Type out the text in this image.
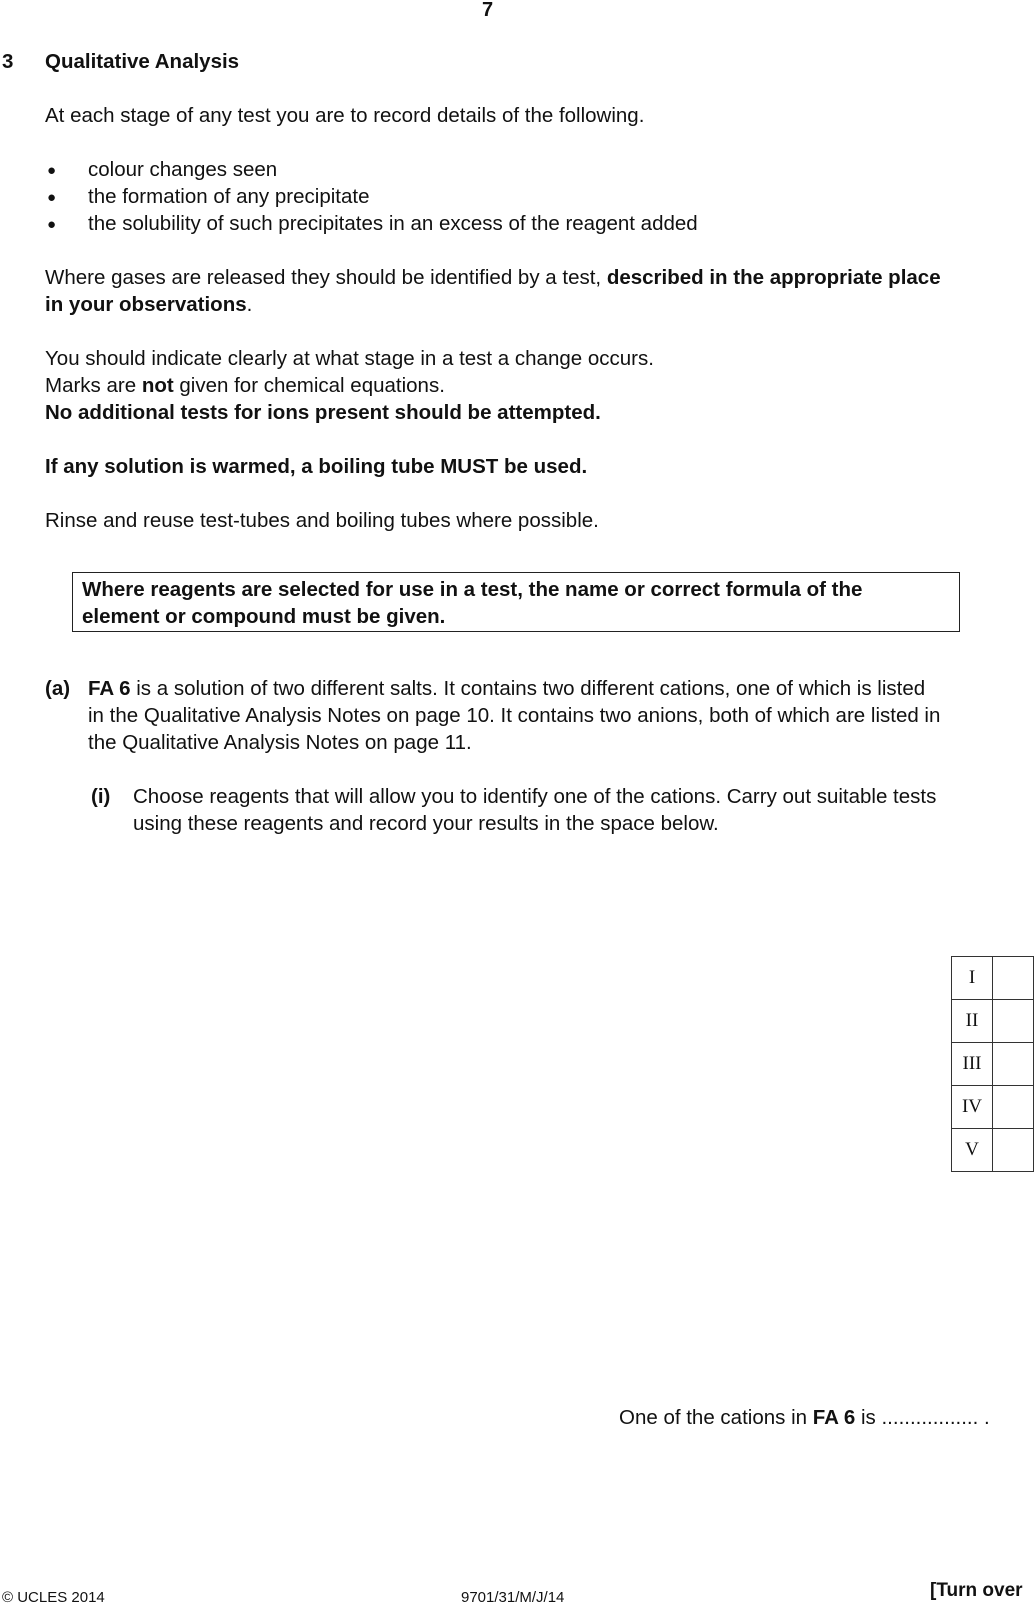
7
3 Qualitative Analysis
At each stage of any test you are to record details of the following.
● colour changes seen
● the formation of any precipitate
● the solubility of such precipitates in an excess of the reagent added
Where gases are released they should be identified by a test, described in the appropriate place
in your observations.
You should indicate clearly at what stage in a test a change occurs.
Marks are not given for chemical equations.
No additional tests for ions present should be attempted.
If any solution is warmed, a boiling tube MUST be used.
Rinse and reuse test-tubes and boiling tubes where possible.
Where reagents are selected for use in a test, the name or correct formula of the
element or compound must be given.
(a) FA 6 is a solution of two different salts. It contains two different cations, one of which is listed
in the Qualitative Analysis Notes on page 10. It contains two anions, both of which are listed in
the Qualitative Analysis Notes on page 11.
(i) Choose reagents that will allow you to identify one of the cations. Carry out suitable tests
using these reagents and record your results in the space below.
I	
II	
III	
IV	
V	
One of the cations in FA 6 is ................. .
© UCLES 2014	9701/31/M/J/14	[Turn over
